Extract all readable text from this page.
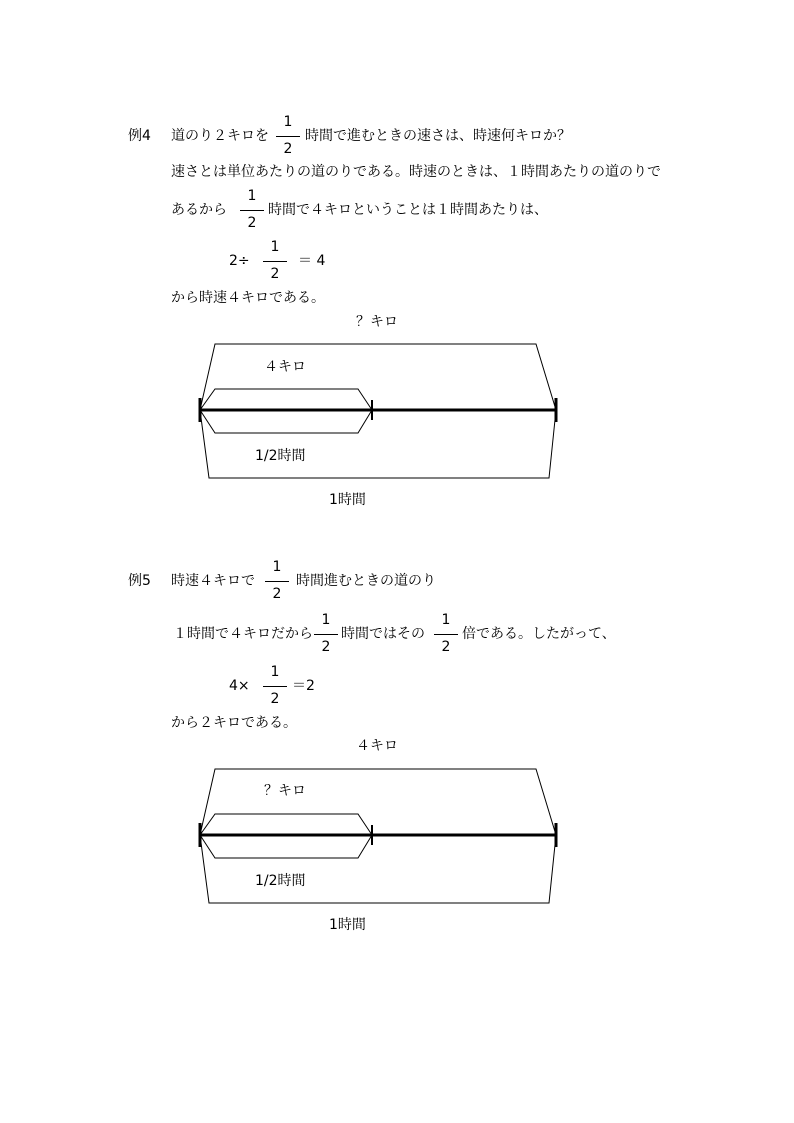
例4 道のり２キロを
1
2
時間で進むときの速さは、時速何キロか？
速さとは単位あたりの道のりである。時速のときは、１時間あたりの道のりで
あるから
1
2
時間で４キロということは１時間あたりは、
2÷
1
2
＝ 4
から時速４キロである。
？キロ
４キロ
1/2時間
1時間
例5 時速４キロで
1
2
時間進むときの道のり
１時間で４キロだから
1
2
時間ではその
1
2
倍である。したがって、
4×
1
2
＝2
から２キロである。
４キロ
？キロ
1/2時間
1時間
